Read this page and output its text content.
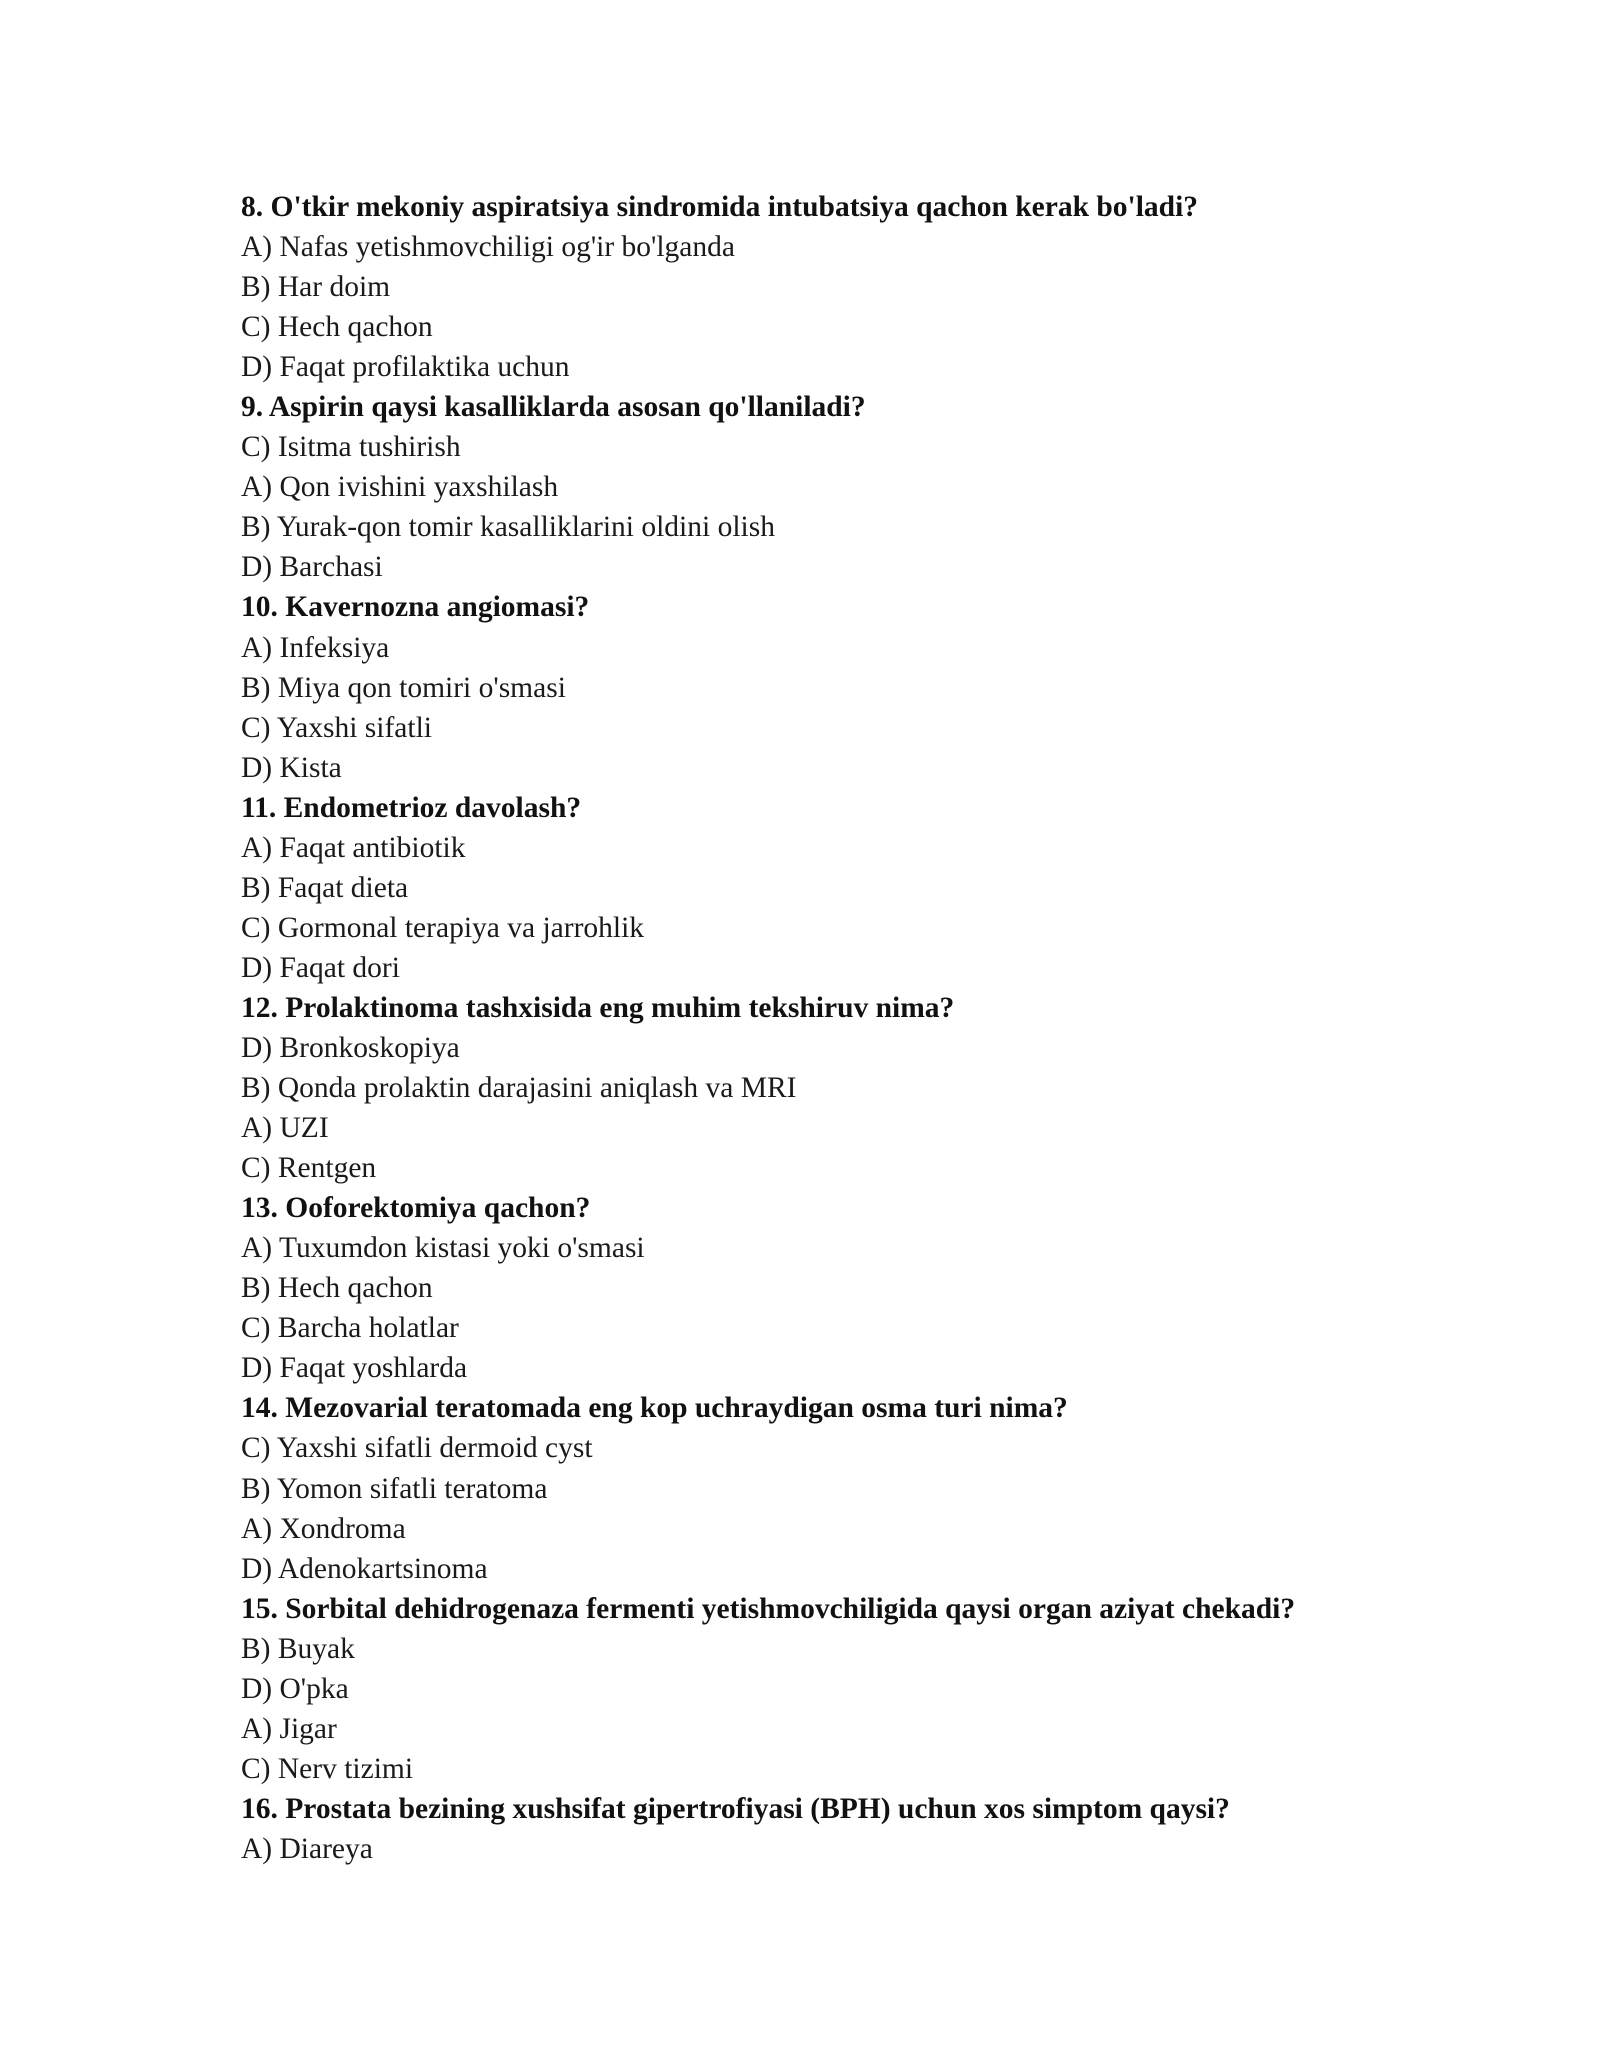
8. O'tkir mekoniy aspiratsiya sindromida intubatsiya qachon kerak bo'ladi?
A) Nafas yetishmovchiligi og'ir bo'lganda
B) Har doim
C) Hech qachon
D) Faqat profilaktika uchun
9. Aspirin qaysi kasalliklarda asosan qo'llaniladi?
C) Isitma tushirish
A) Qon ivishini yaxshilash
B) Yurak-qon tomir kasalliklarini oldini olish
D) Barchasi
10. Kavernozna angiomasi?
A) Infeksiya
B) Miya qon tomiri o'smasi
C) Yaxshi sifatli
D) Kista
11. Endometrioz davolash?
A) Faqat antibiotik
B) Faqat dieta
C) Gormonal terapiya va jarrohlik
D) Faqat dori
12. Prolaktinoma tashxisida eng muhim tekshiruv nima?
D) Bronkoskopiya
B) Qonda prolaktin darajasini aniqlash va MRI
A) UZI
C) Rentgen
13. Ooforektomiya qachon?
A) Tuxumdon kistasi yoki o'smasi
B) Hech qachon
C) Barcha holatlar
D) Faqat yoshlarda
14. Mezovarial teratomada eng kop uchraydigan osma turi nima?
C) Yaxshi sifatli dermoid cyst
B) Yomon sifatli teratoma
A) Xondroma
D) Adenokartsinoma
15. Sorbital dehidrogenaza fermenti yetishmovchiligida qaysi organ aziyat chekadi?
B) Buyak
D) O'pka
A) Jigar
C) Nerv tizimi
16. Prostata bezining xushsifat gipertrofiyasi (BPH) uchun xos simptom qaysi?
A) Diareya
